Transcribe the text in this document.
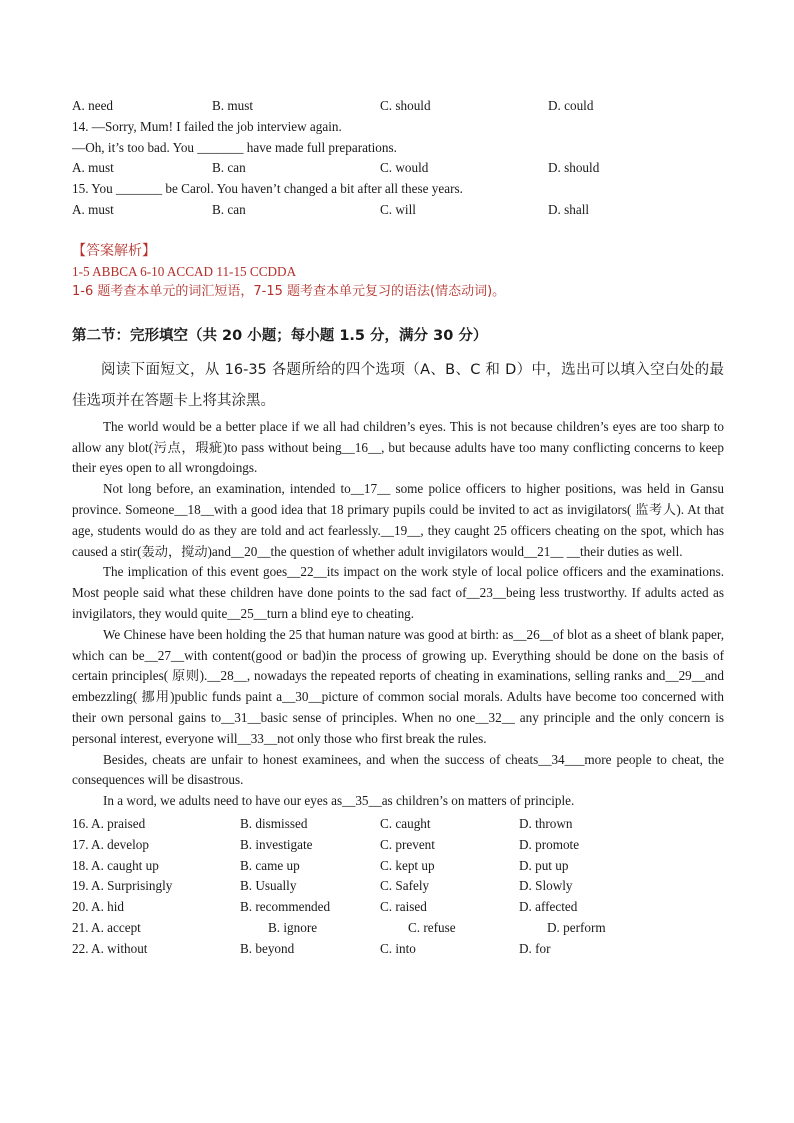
A. need	B. must	C. should	D. could
14. —Sorry, Mum! I failed the job interview again.
—Oh, it’s too bad. You _______ have made full preparations.
A. must	B. can	C. would	D. should
15. You _______ be Carol. You haven’t changed a bit after all these years.
A. must	B. can	C. will	D. shall
【答案解析】
1-5 ABBCA 6-10 ACCAD 11-15 CCDDA
1-6 题考查本单元的词汇短语，7-15 题考查本单元复习的语法(情态动词)。
第二节：完形填空（共 20 小题；每小题 1.5 分，满分 30 分）
阅读下面短文，从 16-35 各题所给的四个选项（A、B、C 和 D）中，选出可以填入空白处的最佳选项并在答题卡上将其涂黑。
The world would be a better place if we all had children’s eyes. This is not because children’s eyes are too sharp to allow any blot(污点，瑕疵)to pass without being__16__, but because adults have too many conflicting concerns to keep their eyes open to all wrongdoings.
Not long before, an examination, intended to__17__ some police officers to higher positions, was held in Gansu province. Someone__18__with a good idea that 18 primary pupils could be invited to act as invigilators( 监考人). At that age, students would do as they are told and act fearlessly.__19__, they caught 25 officers cheating on the spot, which has caused a stir(轰动，搅动)and__20__the question of whether adult invigilators would__21__ __their duties as well.
The implication of this event goes__22__its impact on the work style of local police officers and the examinations. Most people said what these children have done points to the sad fact of__23__being less trustworthy. If adults acted as invigilators, they would quite__25__turn a blind eye to cheating.
We Chinese have been holding the 25 that human nature was good at birth: as__26__of blot as a sheet of blank paper, which can be__27__with content(good or bad)in the process of growing up. Everything should be done on the basis of certain principles( 原则).__28__, nowadays the repeated reports of cheating in examinations, selling ranks and__29__and embezzling( 挪用)public funds paint a__30__picture of common social morals. Adults have become too concerned with their own personal gains to__31__basic sense of principles. When no one__32__ any principle and the only concern is personal interest, everyone will__33__not only those who first break the rules.
Besides, cheats are unfair to honest examinees, and when the success of cheats__34___more people to cheat, the consequences will be disastrous.
In a word, we adults need to have our eyes as__35__as children’s on matters of principle.
16. A. praised	B. dismissed	C. caught	D. thrown
17. A. develop	B. investigate	C. prevent	D. promote
18. A. caught up	B. came up	C. kept up	D. put up
19. A. Surprisingly	B. Usually	C. Safely	D. Slowly
20. A. hid	B. recommended	C. raised	D. affected
21. A. accept	B. ignore	C. refuse	D. perform
22. A. without	B. beyond	C. into	D. for
